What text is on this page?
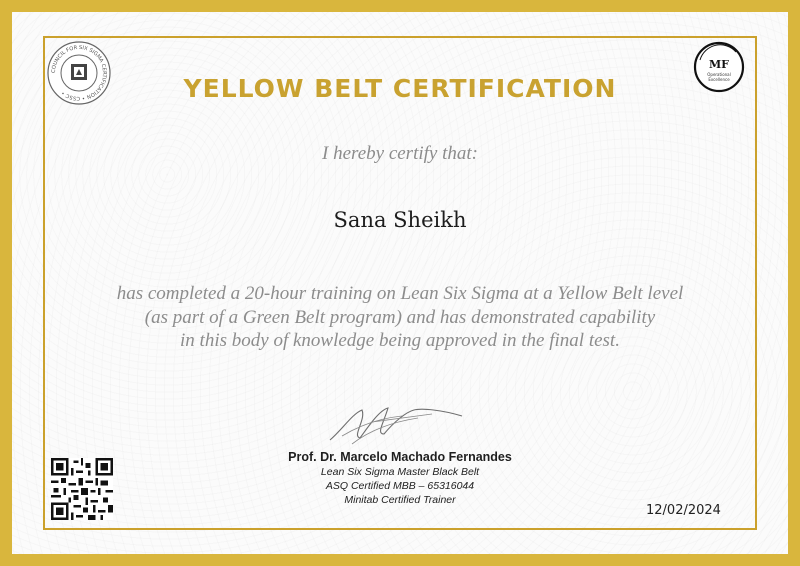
COUNCIL FOR SIX SIGMA CERTIFICATION • CSSC •
MF
Operational
Excellence
YELLOW BELT CERTIFICATION
I hereby certify that:
Sana Sheikh
has completed a 20-hour training on Lean Six Sigma at a Yellow Belt level
(as part of a Green Belt program) and has demonstrated capability
in this body of knowledge being approved in the final test.
Prof. Dr. Marcelo Machado Fernandes
Lean Six Sigma Master Black Belt
ASQ Certified MBB – 65316044
Minitab Certified Trainer
12/02/2024
